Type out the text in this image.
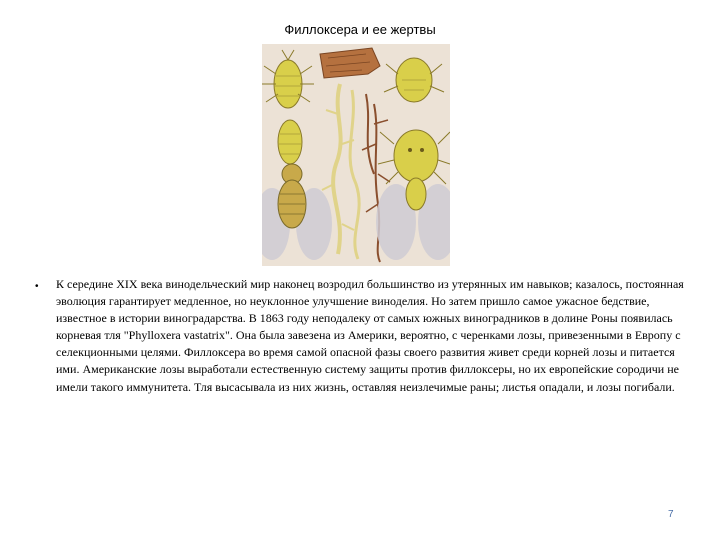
Филлоксера и ее жертвы
• К середине XIX века винодельческий мир наконец возродил большинство из утерянных им навыков; казалось, постоянная эволюция гарантирует медленное, но неуклонное улучшение виноделия. Но затем пришло самое ужасное бедствие, известное в истории виноградарства. В 1863 году неподалеку от самых южных виноградников в долине Роны появилась корневая тля "Phylloxera vastatrix". Она была завезена из Америки, вероятно, с черенками лозы, привезенными в Европу с селекционными целями. Филлоксера во время самой опасной фазы своего развития живет среди корней лозы и питается ими. Американские лозы выработали естественную систему защиты против филлоксеры, но их европейские сородичи не имели такого иммунитета. Тля высасывала из них жизнь, оставляя неизлечимые раны; листья опадали, и лозы погибали.
7
